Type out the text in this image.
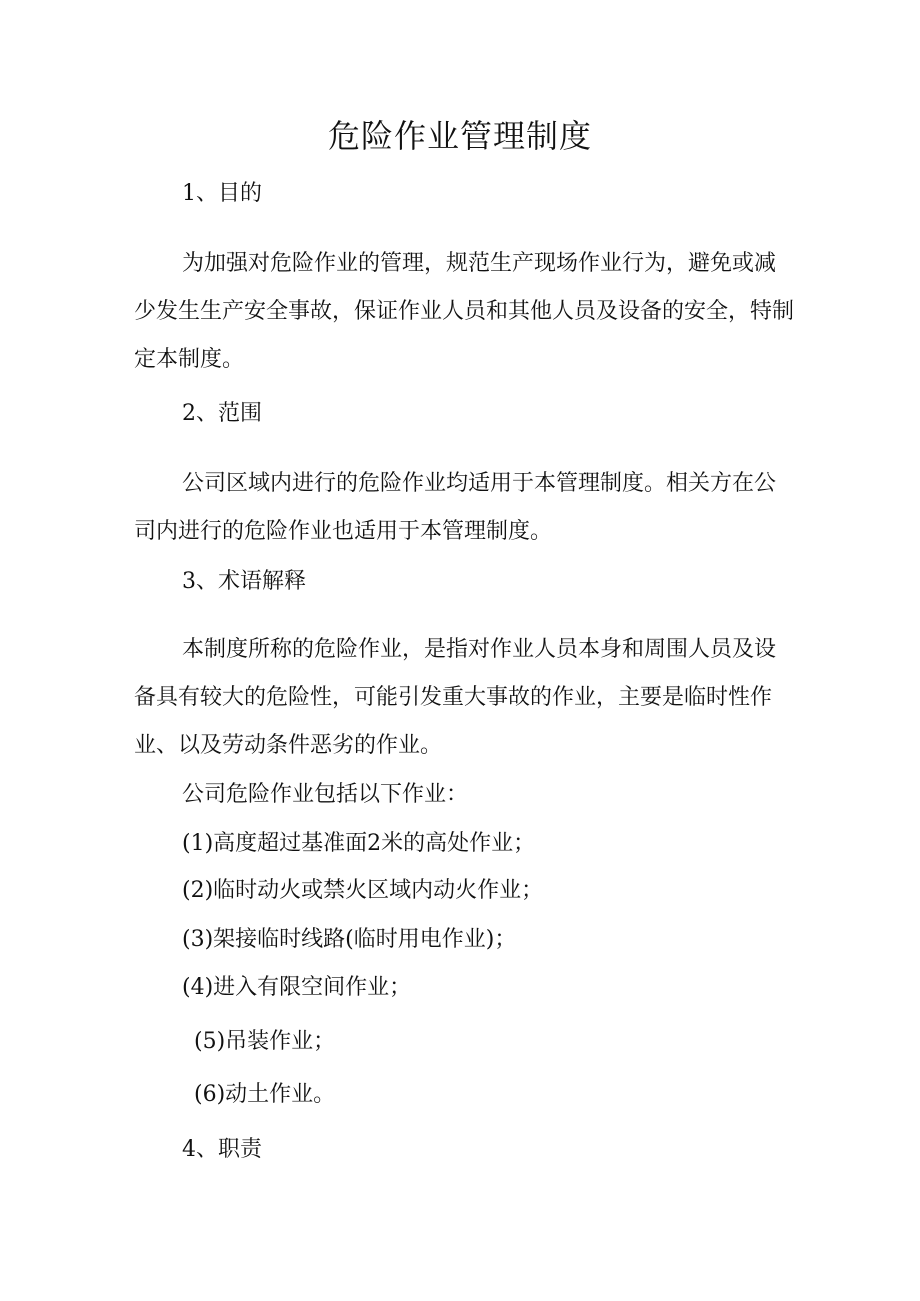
危险作业管理制度

1、目的

为加强对危险作业的管理，规范生产现场作业行为，避免或减少发生生产安全事故，保证作业人员和其他人员及设备的安全，特制定本制度。

2、范围

公司区域内进行的危险作业均适用于本管理制度。相关方在公司内进行的危险作业也适用于本管理制度。

3、术语解释

本制度所称的危险作业，是指对作业人员本身和周围人员及设备具有较大的危险性，可能引发重大事故的作业，主要是临时性作业、以及劳动条件恶劣的作业。

公司危险作业包括以下作业：

(1)高度超过基准面2米的高处作业；

(2)临时动火或禁火区域内动火作业；

(3)架接临时线路(临时用电作业)；

(4)进入有限空间作业；

(5)吊装作业；

(6)动土作业。

4、职责
